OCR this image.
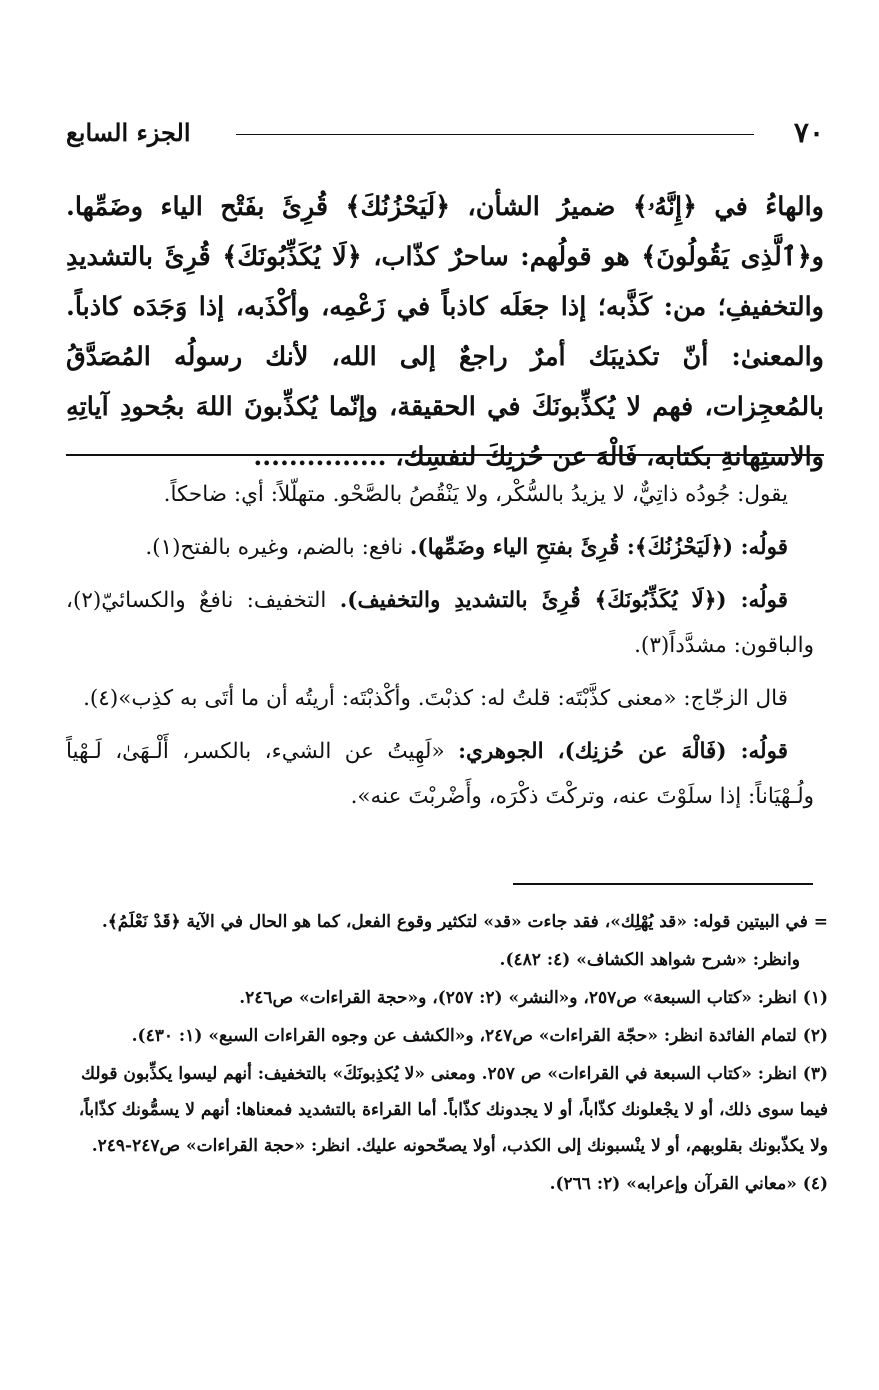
٧٠
الجزء السابع

والهاءُ في ﴿إِنَّهُۥ﴾ ضميرُ الشأن، ﴿لَيَحْزُنُكَ﴾ قُرِئَ بفَتْح الياء وضَمِّها. و﴿ٱلَّذِى يَقُولُونَ﴾ هو قولُهم: ساحرٌ كذّاب، ﴿لَا يُكَذِّبُونَكَ﴾ قُرِئَ بالتشديدِ والتخفيفِ؛ من: كَذَّبه؛ إذا جعَلَه كاذباً في زَعْمِه، وأكْذَبه، إذا وَجَدَه كاذباً. والمعنىٰ: أنّ تكذيبَك أمرٌ راجعٌ إلى الله، لأنك رسولُه المُصَدَّقُ بالمُعجِزات، فهم لا يُكذِّبونَكَ في الحقيقة، وإنّما يُكذِّبونَ اللهَ بجُحودِ آياتِهِ والاستِهانةِ بكتابه، فَالْهَ عن حُزنِكَ لنفسِك، ...............

يقول: جُودُه ذاتِيٌّ، لا يزيدُ بالسُّكْر، ولا يَنْقُصُ بالصَّحْو. متهلّلاً: أي: ضاحكاً.

قولُه: (﴿لَيَحْزُنُكَ﴾: قُرِئَ بفتحِ الياء وضَمِّها). نافع: بالضم، وغيره بالفتح(١).

قولُه: (﴿لَا يُكَذِّبُونَكَ﴾ قُرِئَ بالتشديدِ والتخفيف). التخفيف: نافعٌ والكسائيّ(٢)، والباقون: مشدَّداً(٣).

قال الزجّاج: «معنى كذَّبْتَه: قلتُ له: كذبْتَ. وأكْذبْتَه: أريتُه أن ما أتَى به كذِب»(٤).

قولُه: (فَالْهَ عن حُزنِك)، الجوهري: «لَهِيتُ عن الشيء، بالكسر، أَلْـهَىٰ، لَـهْياً ولُـهْيَاناً: إذا سلَوْتَ عنه، وتركْتَ ذكْرَه، وأَضْربْتَ عنه».

= في البيتين قوله: «قد يُهْلِك»، فقد جاءت «قد» لتكثير وقوع الفعل، كما هو الحال في الآية ﴿قَدْ نَعْلَمُ﴾.

وانظر: «شرح شواهد الكشاف» (٤: ٤٨٢).

(١) انظر: «كتاب السبعة» ص٢٥٧، و«النشر» (٢: ٢٥٧)، و«حجة القراءات» ص٢٤٦.

(٢) لتمام الفائدة انظر: «حجّة القراءات» ص٢٤٧، و«الكشف عن وجوه القراءات السبع» (١: ٤٣٠).

(٣) انظر: «كتاب السبعة في القراءات» ص ٢٥٧. ومعنى «لا يُكذِبونَكَ» بالتخفيف: أنهم ليسوا يكذِّبون قولك فيما سوى ذلك، أو لا يجْعلونك كذّاباً، أو لا يجدونك كذّاباً. أما القراءة بالتشديد فمعناها: أنهم لا يسمُّونك كذّاباً، ولا يكذّبونك بقلوبهم، أو لا ينْسبونك إلى الكذب، أولا يصحّحونه عليك. انظر: «حجة القراءات» ص٢٤٧-٢٤٩.

(٤) «معاني القرآن وإعرابه» (٢: ٢٦٦).
